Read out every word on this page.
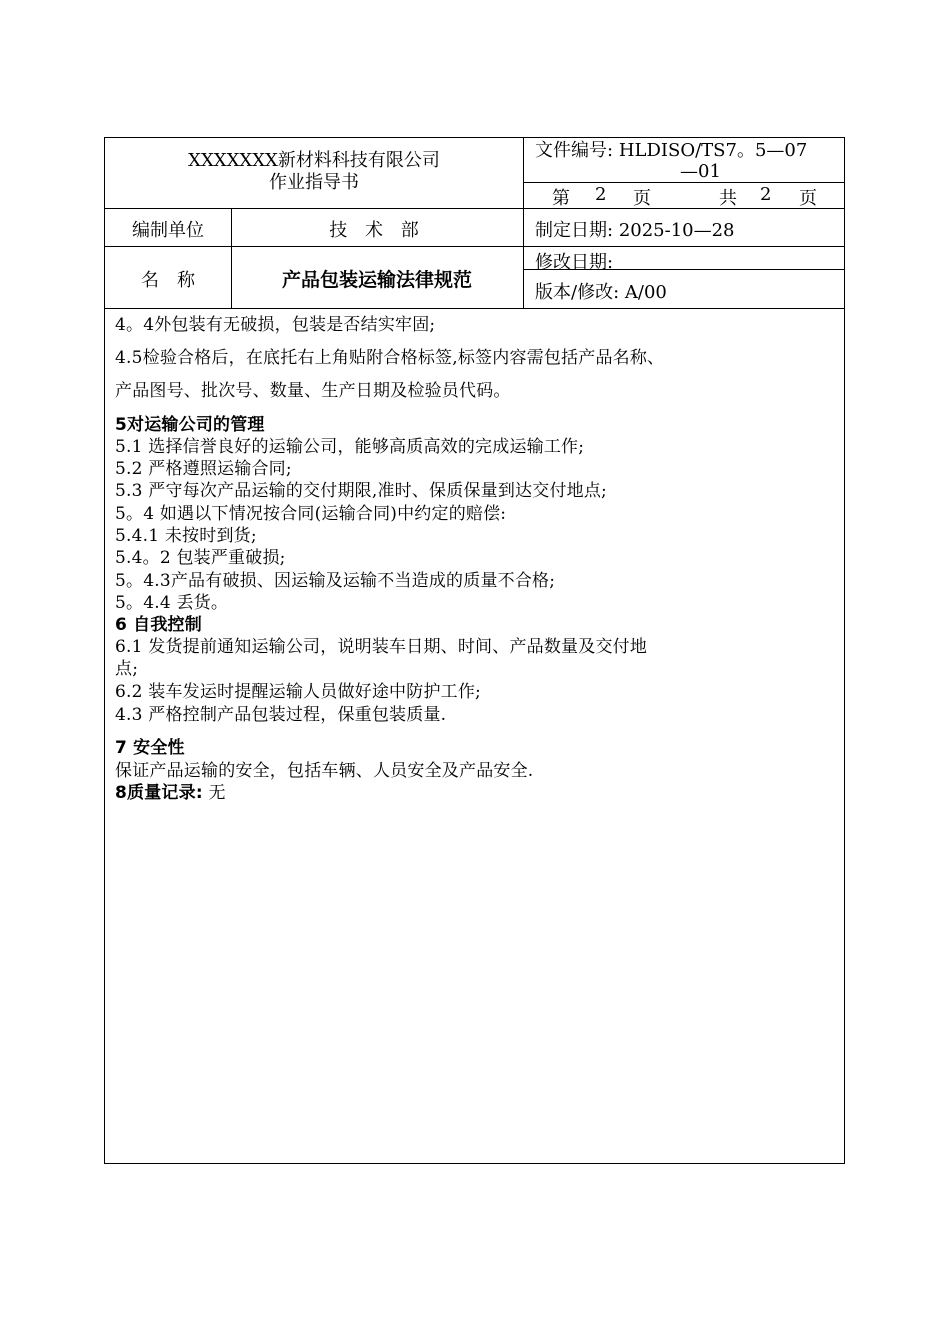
XXXXXXX新材料科技有限公司
作业指导书
文件编号: HLDISO/TS7。5—07
—01
第 2 页	共 2 页
编制单位	技 术 部	制定日期: 2025-10—28
名　称	产品包装运输法律规范
修改日期:
版本/修改: A/00
4。4外包装有无破损，包装是否结实牢固;
4.5检验合格后，在底托右上角贴附合格标签,标签内容需包括产品名称、
产品图号、批次号、数量、生产日期及检验员代码。
5对运输公司的管理
5.1 选择信誉良好的运输公司，能够高质高效的完成运输工作;
5.2 严格遵照运输合同;
5.3 严守每次产品运输的交付期限,准时、保质保量到达交付地点;
5。4 如遇以下情况按合同(运输合同)中约定的赔偿:
5.4.1 未按时到货;
5.4。2 包装严重破损;
5。4.3产品有破损、因运输及运输不当造成的质量不合格;
5。4.4 丢货。
6 自我控制
6.1 发货提前通知运输公司，说明装车日期、时间、产品数量及交付地
点;
6.2 装车发运时提醒运输人员做好途中防护工作;
4.3 严格控制产品包装过程，保重包装质量.
7 安全性
保证产品运输的安全，包括车辆、人员安全及产品安全.
8质量记录: 无
